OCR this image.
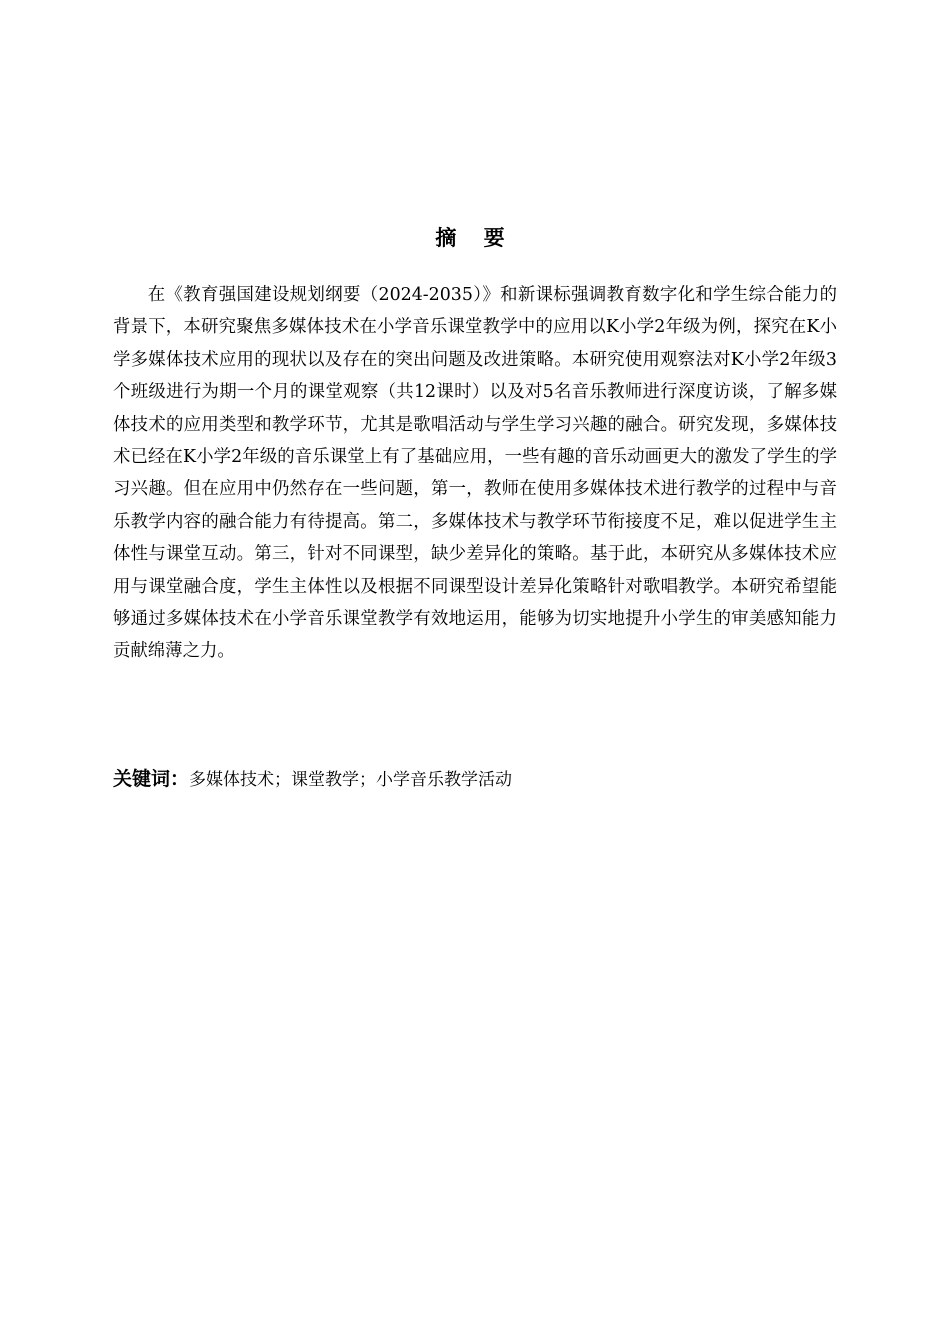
摘 要

在《教育强国建设规划纲要（2024-2035）》和新课标强调教育数字化和学生综合能力的背景下，本研究聚焦多媒体技术在小学音乐课堂教学中的应用以K小学2年级为例，探究在K小学多媒体技术应用的现状以及存在的突出问题及改进策略。本研究使用观察法对K小学2年级3个班级进行为期一个月的课堂观察（共12课时）以及对5名音乐教师进行深度访谈，了解多媒体技术的应用类型和教学环节，尤其是歌唱活动与学生学习兴趣的融合。研究发现，多媒体技术已经在K小学2年级的音乐课堂上有了基础应用，一些有趣的音乐动画更大的激发了学生的学习兴趣。但在应用中仍然存在一些问题，第一，教师在使用多媒体技术进行教学的过程中与音乐教学内容的融合能力有待提高。第二，多媒体技术与教学环节衔接度不足，难以促进学生主体性与课堂互动。第三，针对不同课型，缺少差异化的策略。基于此，本研究从多媒体技术应用与课堂融合度，学生主体性以及根据不同课型设计差异化策略针对歌唱教学。本研究希望能够通过多媒体技术在小学音乐课堂教学有效地运用，能够为切实地提升小学生的审美感知能力贡献绵薄之力。

关键词：多媒体技术；课堂教学；小学音乐教学活动
